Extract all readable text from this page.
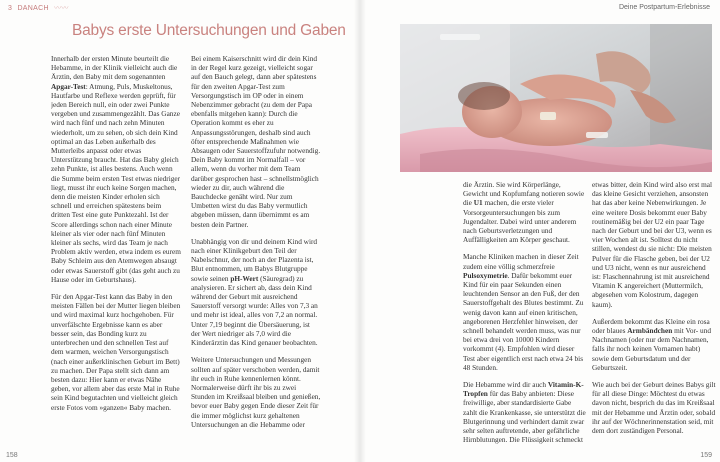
3 DANACH 〰〰
Babys erste Untersuchungen und Gaben

Innerhalb der ersten Minute beurteilt die Hebamme, in der Klinik vielleicht auch die Ärztin, den Baby mit dem sogenannten Apgar-Test: Atmung, Puls, Muskeltonus, Hautfarbe und Reflexe werden geprüft, für jeden Bereich null, ein oder zwei Punkte vergeben und zusammengezählt. Das Ganze wird nach fünf und nach zehn Minuten wiederholt, um zu sehen, ob sich dein Kind optimal an das Leben außerhalb des Mutterleibs anpasst oder etwas Unterstützung braucht. Hat das Baby gleich zehn Punkte, ist alles bestens. Auch wenn die Summe beim ersten Test etwas niedriger liegt, musst ihr euch keine Sorgen machen, denn die meisten Kinder erholen sich schnell und erreichen spätestens beim dritten Test eine gute Punktezahl. Ist der Score allerdings schon nach einer Minute kleiner als vier oder nach fünf Minuten kleiner als sechs, wird das Team je nach Problem aktiv werden, etwa indem es eurem Baby Schleim aus den Atemwegen absaugt oder etwas Sauerstoff gibt (das geht auch zu Hause oder im Geburtshaus).

Für den Apgar-Test kann das Baby in den meisten Fällen bei der Mutter liegen bleiben und wird maximal kurz hochgehoben. Für unverfälschte Ergebnisse kann es aber besser sein, das Bonding kurz zu unterbrechen und den schnellen Test auf dem warmen, weichen Versorgungstisch (nach einer außerklinischen Geburt im Bett) zu machen. Der Papa stellt sich dann am besten dazu: Hier kann er etwas Nähe geben, vor allem aber das erste Mal in Ruhe sein Kind begutachten und vielleicht gleich erste Fotos vom »ganzen« Baby machen.

Bei einem Kaiserschnitt wird dir dein Kind in der Regel kurz gezeigt, vielleicht sogar auf den Bauch gelegt, dann aber spätestens für den zweiten Apgar-Test zum Versorgungstisch im OP oder in einem Nebenzimmer gebracht (zu dem der Papa ebenfalls mitgehen kann): Durch die Operation kommt es eher zu Anpassungsstörungen, deshalb sind auch öfter entsprechende Maßnahmen wie Absaugen oder Sauerstoffzufuhr notwendig. Dein Baby kommt im Normalfall – vor allem, wenn du vorher mit dem Team darüber gesprochen hast – schnellstmöglich wieder zu dir, auch während die Bauchdecke genäht wird. Nur zum Umbetten wirst du das Baby vermutlich abgeben müssen, dann übernimmt es am besten dein Partner.

Unabhängig von dir und deinem Kind wird nach einer Klinikgeburt den Teil der Nabelschnur, der noch an der Plazenta ist, Blut entnommen, um Babys Blutgruppe sowie seinen pH-Wert (Säuregrad) zu analysieren. Er sichert ab, dass dein Kind während der Geburt mit ausreichend Sauerstoff versorgt wurde: Alles von 7,3 an und mehr ist ideal, alles von 7,2 an normal. Unter 7,19 beginnt die Übersäuerung, ist der Wert niedriger als 7,0 wird die Kinderärztin das Kind genauer beobachten.

Weitere Untersuchungen und Messungen sollten auf später verschoben werden, damit ihr euch in Ruhe kennenlernen könnt. Normalerweise dürft ihr bis zu zwei Stunden im Kreißsaal bleiben und genießen, bevor euer Baby gegen Ende dieser Zeit für die immer möglichst kurz gehaltenen Untersuchungen an die Hebamme oder

158
Deine Postpartum-Erlebnisse
159

die Ärztin. Sie wird Körperlänge, Gewicht und Kopfumfang notieren sowie die U1 machen, die erste vieler Vorsorgeuntersuchungen bis zum Jugendalter. Dabei wird unter anderem nach Geburtsverletzungen und Auffälligkeiten am Körper geschaut.

Manche Kliniken machen in dieser Zeit zudem eine völlig schmerzfreie Pulsoxymetrie. Dafür bekommt euer Kind für ein paar Sekunden einen leuchtenden Sensor an den Fuß, der den Sauerstoffgehalt des Blutes bestimmt. Zu wenig davon kann auf einen kritischen, angeborenen Herzfehler hinweisen, der schnell behandelt werden muss, was nur bei etwa drei von 10000 Kindern vorkommt (4). Empfohlen wird dieser Test aber eigentlich erst nach etwa 24 bis 48 Stunden.

Die Hebamme wird dir auch Vitamin-K-Tropfen für das Baby anbieten: Diese freiwillige, aber standardisierte Gabe zahlt die Krankenkasse, sie unterstützt die Blutgerinnung und verhindert damit zwar sehr selten auftretende, aber gefährliche Hirnblutungen. Die Flüssigkeit schmeckt

etwas bitter, dein Kind wird also erst mal das kleine Gesicht verziehen, ansonsten hat das aber keine Nebenwirkungen. Je eine weitere Dosis bekommt euer Baby routinemäßig bei der U2 ein paar Tage nach der Geburt und bei der U3, wenn es vier Wochen alt ist. Solltest du nicht stillen, wendest du sie nicht: Die meisten Pulver für die Flasche geben, bei der U2 und U3 nicht, wenn es nur ausreichend ist: Flaschennahrung ist mit ausreichend Vitamin K angereichert (Muttermilch, abgesehen vom Kolostrum, dagegen kaum).

Außerdem bekommt das Kleine ein rosa oder blaues Armbändchen mit Vor- und Nachnamen (oder nur dem Nachnamen, falls ihr noch keinen Vornamen habt) sowie dem Geburtsdatum und der Geburtszeit.

Wie auch bei der Geburt deines Babys gilt für all diese Dinge: Möchtest du etwas davon nicht, besprich du das im Kreißsaal mit der Hebamme und Ärztin oder, sobald ihr auf der Wöchnerinnenstation seid, mit dem dort zuständigen Personal.
